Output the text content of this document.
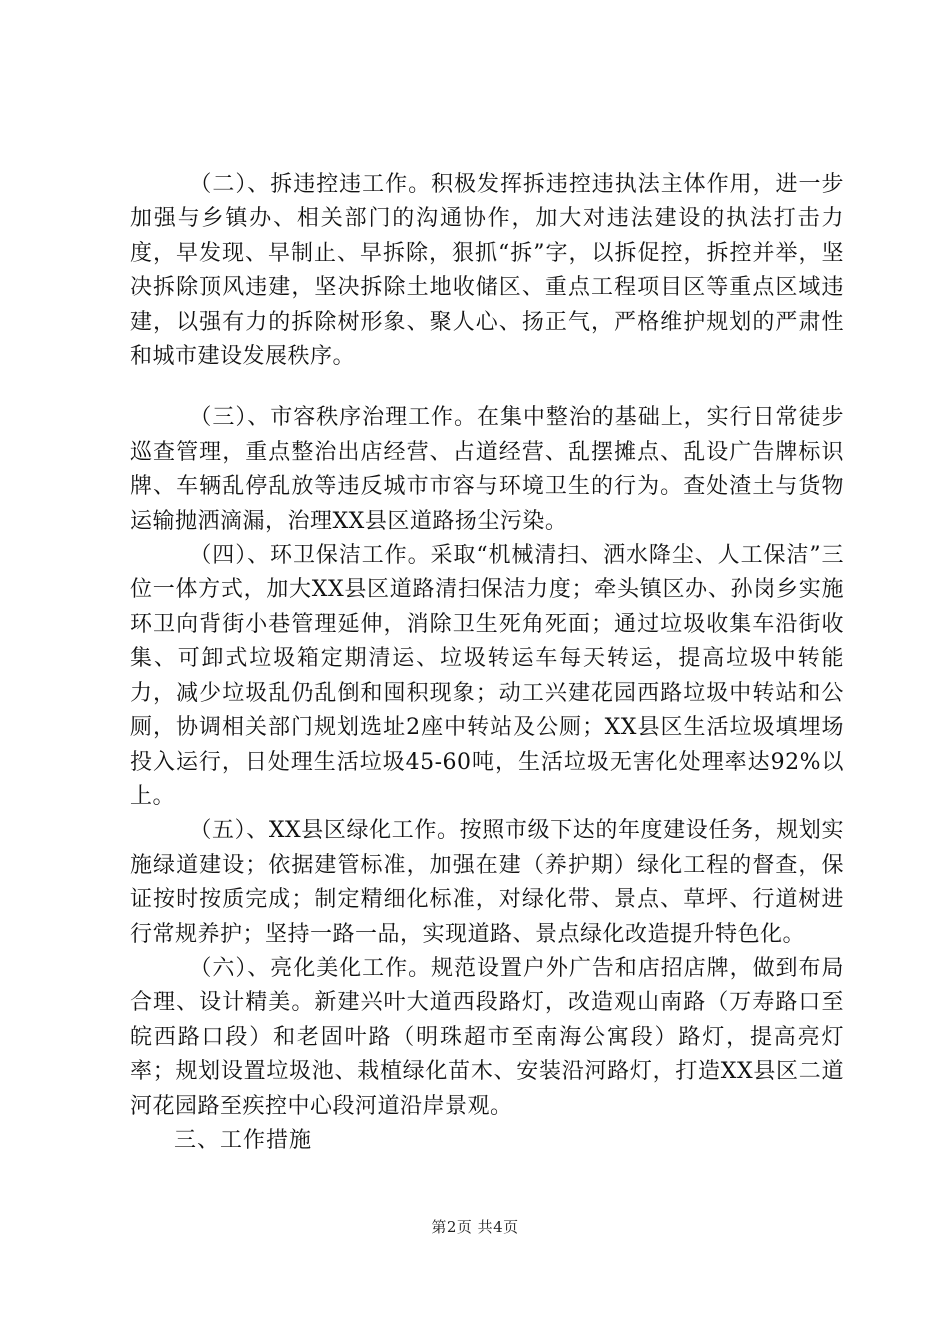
（二）、拆违控违工作。积极发挥拆违控违执法主体作用，进一步加强与乡镇办、相关部门的沟通协作，加大对违法建设的执法打击力度，早发现、早制止、早拆除，狠抓“拆”字，以拆促控，拆控并举，坚决拆除顶风违建，坚决拆除土地收储区、重点工程项目区等重点区域违建，以强有力的拆除树形象、聚人心、扬正气，严格维护规划的严肃性和城市建设发展秩序。

（三）、市容秩序治理工作。在集中整治的基础上，实行日常徒步巡查管理，重点整治出店经营、占道经营、乱摆摊点、乱设广告牌标识牌、车辆乱停乱放等违反城市市容与环境卫生的行为。查处渣土与货物运输抛洒滴漏，治理XX县区道路扬尘污染。

（四）、环卫保洁工作。采取“机械清扫、洒水降尘、人工保洁”三位一体方式，加大XX县区道路清扫保洁力度；牵头镇区办、孙岗乡实施环卫向背街小巷管理延伸，消除卫生死角死面；通过垃圾收集车沿街收集、可卸式垃圾箱定期清运、垃圾转运车每天转运，提高垃圾中转能力，减少垃圾乱仍乱倒和囤积现象；动工兴建花园西路垃圾中转站和公厕，协调相关部门规划选址2座中转站及公厕；XX县区生活垃圾填埋场投入运行，日处理生活垃圾45-60吨，生活垃圾无害化处理率达92%以上。

（五）、XX县区绿化工作。按照市级下达的年度建设任务，规划实施绿道建设；依据建管标准，加强在建（养护期）绿化工程的督查，保证按时按质完成；制定精细化标准，对绿化带、景点、草坪、行道树进行常规养护；坚持一路一品，实现道路、景点绿化改造提升特色化。

（六）、亮化美化工作。规范设置户外广告和店招店牌，做到布局合理、设计精美。新建兴叶大道西段路灯，改造观山南路（万寿路口至皖西路口段）和老固叶路（明珠超市至南海公寓段）路灯，提高亮灯率；规划设置垃圾池、栽植绿化苗木、安装沿河路灯，打造XX县区二道河花园路至疾控中心段河道沿岸景观。

三、工作措施

第2页 共4页
